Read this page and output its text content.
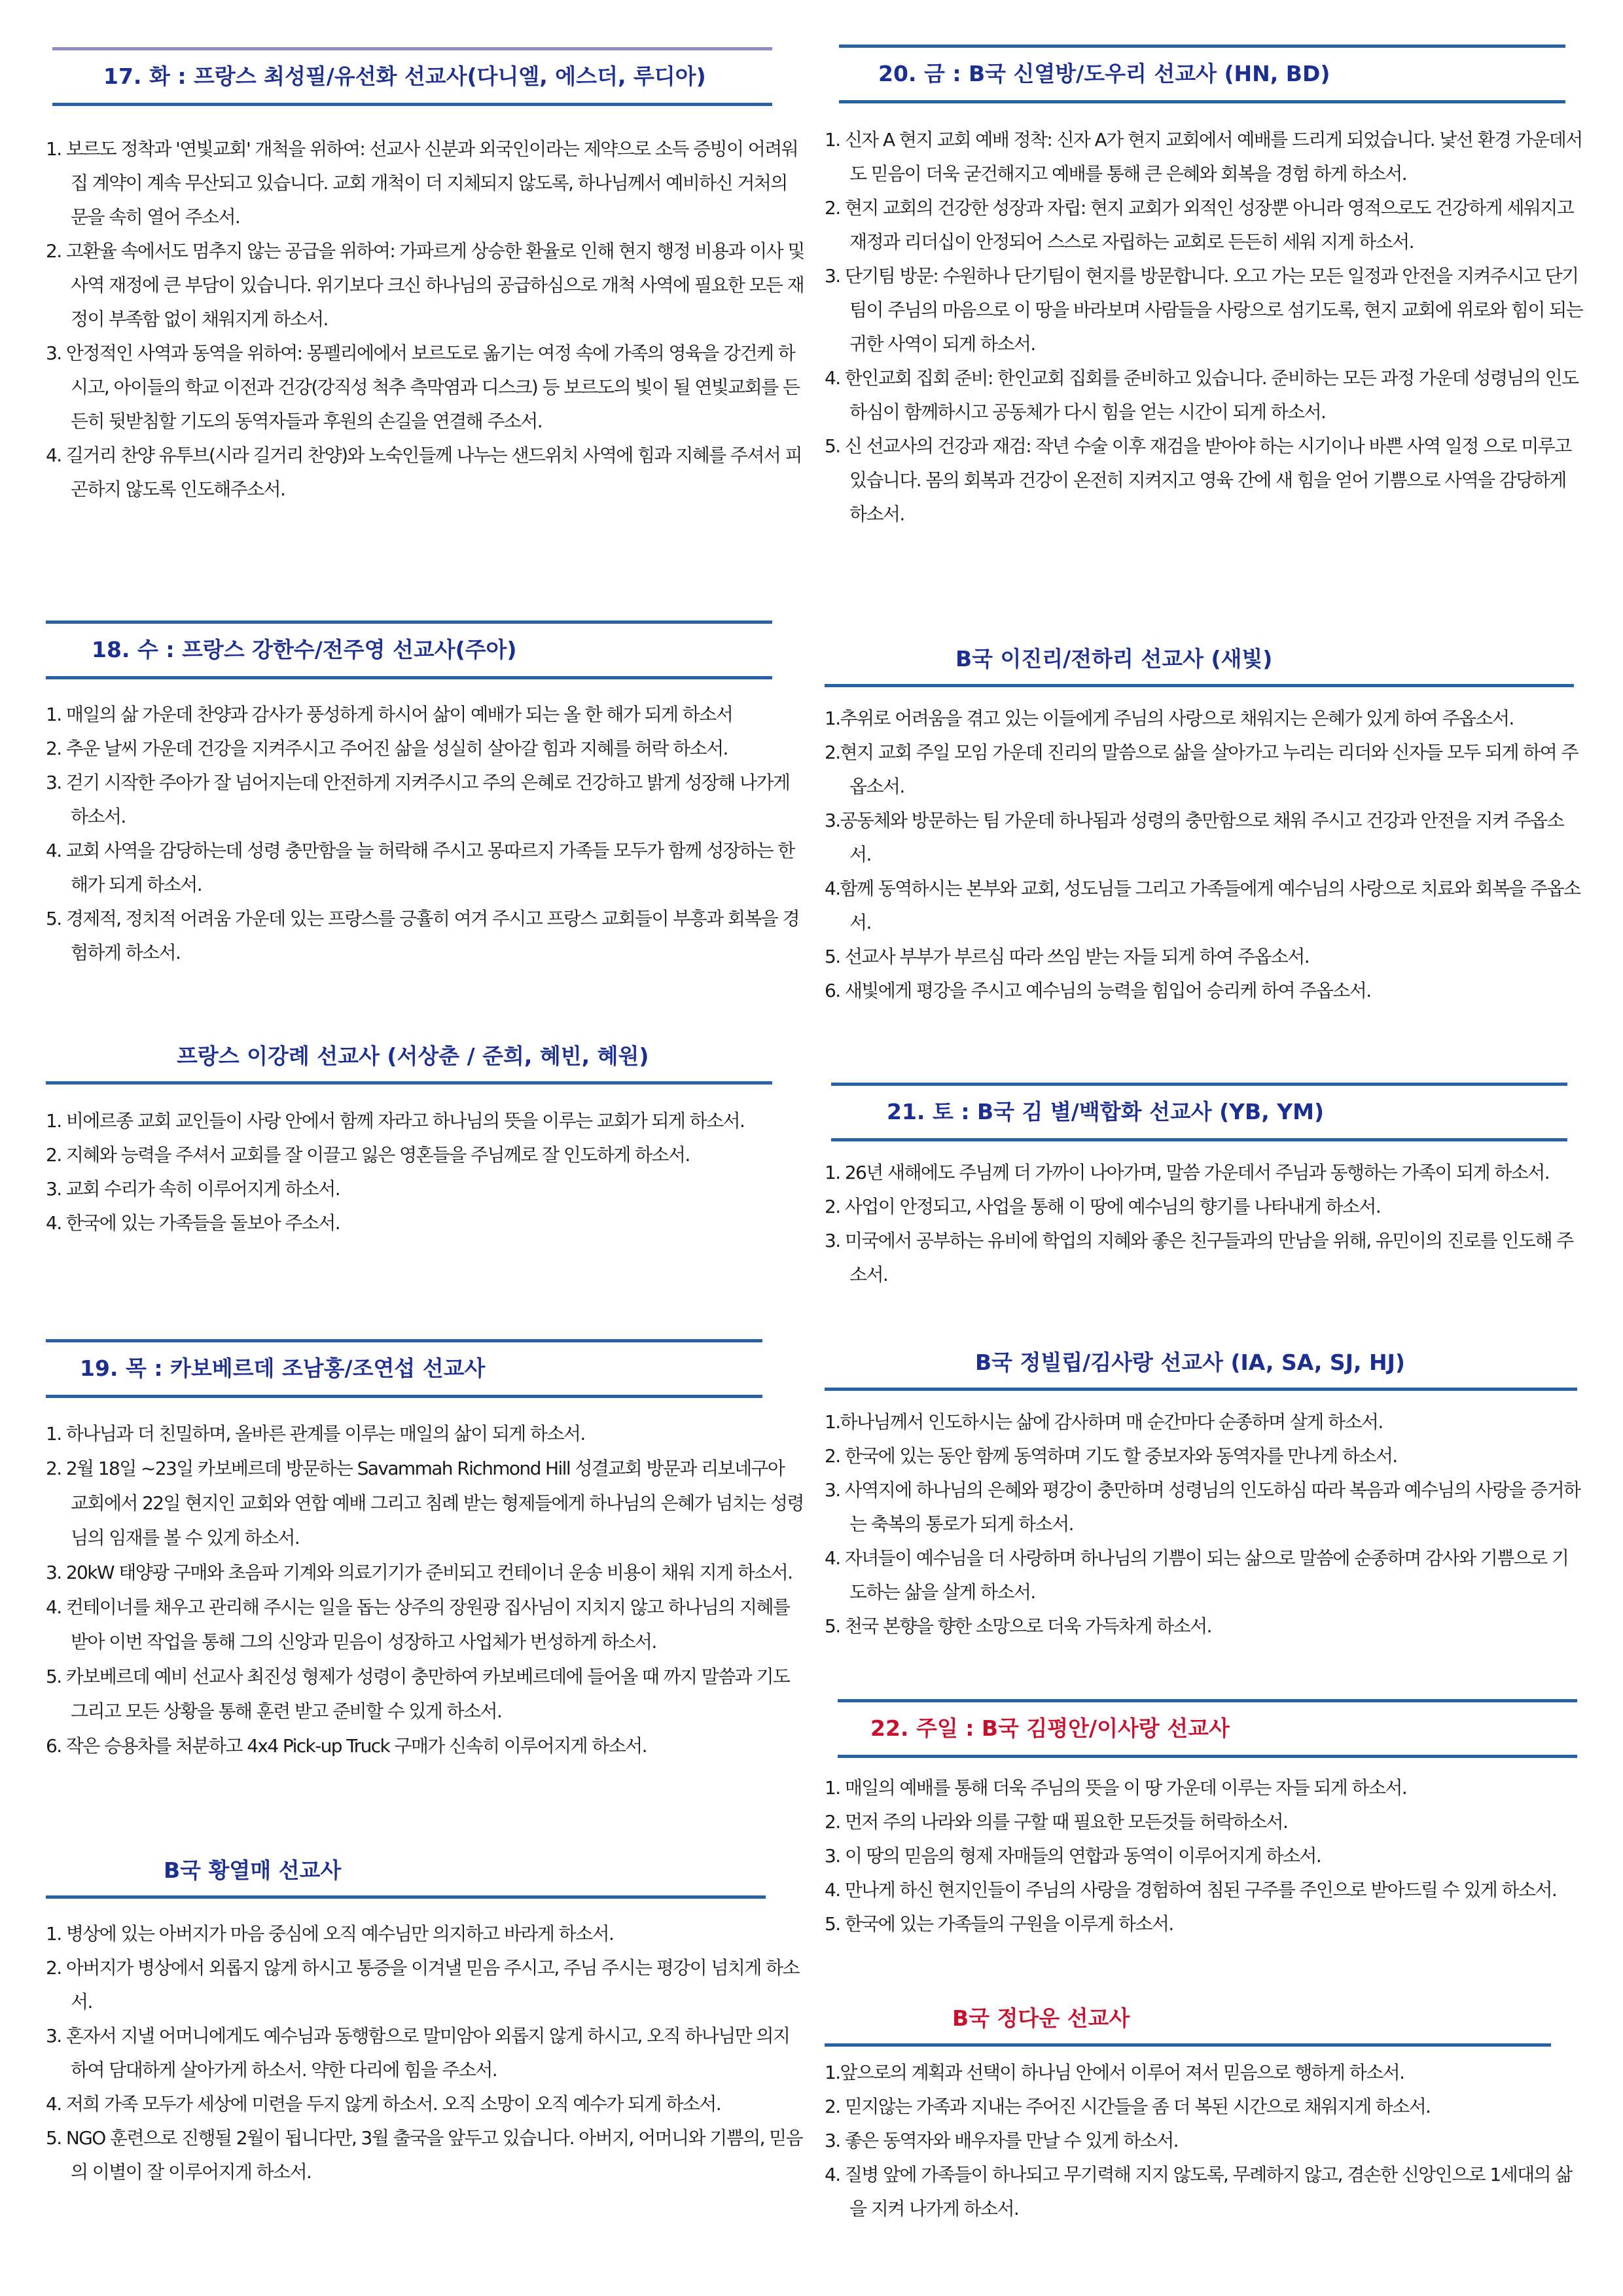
17. 화 : 프랑스 최성필/유선화 선교사(다니엘, 에스더, 루디아)
1. 보르도 정착과 '연빛교회' 개척을 위하여: 선교사 신분과 외국인이라는 제약으로 소득 증빙이 어려워 집 계약이 계속 무산되고 있습니다. 교회 개척이 더 지체되지 않도록, 하나님께서 예비하신 거처의 문을 속히 열어 주소서.
2. 고환율 속에서도 멈추지 않는 공급을 위하여: 가파르게 상승한 환율로 인해 현지 행정 비용과 이사 및 사역 재정에 큰 부담이 있습니다. 위기보다 크신 하나님의 공급하심으로 개척 사역에 필요한 모든 재정이 부족함 없이 채워지게 하소서.
3. 안정적인 사역과 동역을 위하여: 몽펠리에에서 보르도로 옮기는 여정 속에 가족의 영육을 강건케 하시고, 아이들의 학교 이전과 건강(강직성 척추 측막염과 디스크) 등 보르도의 빛이 될 연빛교회를 든든히 뒷받침할 기도의 동역자들과 후원의 손길을 연결해 주소서.
4. 길거리 찬양 유투브(시라 길거리 찬양)와 노숙인들께 나누는 샌드위치 사역에 힘과 지혜를 주셔서 피곤하지 않도록 인도해주소서.
18. 수 : 프랑스 강한수/전주영 선교사(주아)
1. 매일의 삶 가운데 찬양과 감사가 풍성하게 하시어 삶이 예배가 되는 올 한 해가 되게 하소서
2. 추운 날씨 가운데 건강을 지켜주시고 주어진 삶을 성실히 살아갈 힘과 지혜를 허락 하소서.
3. 걷기 시작한 주아가 잘 넘어지는데 안전하게 지켜주시고 주의 은혜로 건강하고 밝게 성장해 나가게 하소서.
4. 교회 사역을 감당하는데 성령 충만함을 늘 허락해 주시고 몽따르지 가족들 모두가 함께 성장하는 한 해가 되게 하소서.
5. 경제적, 정치적 어려움 가운데 있는 프랑스를 긍휼히 여겨 주시고 프랑스 교회들이 부흥과 회복을 경험하게 하소서.
프랑스 이강례 선교사 (서상춘 / 준희, 혜빈, 혜원)
1. 비에르종 교회 교인들이 사랑 안에서 함께 자라고 하나님의 뜻을 이루는 교회가 되게 하소서.
2. 지혜와 능력을 주셔서 교회를 잘 이끌고 잃은 영혼들을 주님께로 잘 인도하게 하소서.
3. 교회 수리가 속히 이루어지게 하소서.
4. 한국에 있는 가족들을 돌보아 주소서.
19. 목 : 카보베르데 조남홍/조연섭 선교사
1. 하나님과 더 친밀하며, 올바른 관계를 이루는 매일의 삶이 되게 하소서.
2. 2월 18일 ~23일 카보베르데 방문하는 Savammah Richmond Hill 성결교회 방문과 리보네구아 교회에서 22일 현지인 교회와 연합 예배 그리고 침례 받는 형제들에게 하나님의 은혜가 넘치는 성령님의 임재를 볼 수 있게 하소서.
3. 20kW 태양광 구매와 초음파 기계와 의료기기가 준비되고 컨테이너 운송 비용이 채워 지게 하소서.
4. 컨테이너를 채우고 관리해 주시는 일을 돕는 상주의 장원광 집사님이 지치지 않고 하나님의 지혜를 받아 이번 작업을 통해 그의 신앙과 믿음이 성장하고 사업체가 번성하게 하소서.
5. 카보베르데 예비 선교사 최진성 형제가 성령이 충만하여 카보베르데에 들어올 때 까지 말씀과 기도 그리고 모든 상황을 통해 훈련 받고 준비할 수 있게 하소서.
6. 작은 승용차를 처분하고 4x4 Pick-up Truck 구매가 신속히 이루어지게 하소서.
B국 황열매 선교사
1. 병상에 있는 아버지가 마음 중심에 오직 예수님만 의지하고 바라게 하소서.
2. 아버지가 병상에서 외롭지 않게 하시고 통증을 이겨낼 믿음 주시고, 주님 주시는 평강이 넘치게 하소서.
3. 혼자서 지낼 어머니에게도 예수님과 동행함으로 말미암아 외롭지 않게 하시고, 오직 하나님만 의지하여 담대하게 살아가게 하소서. 약한 다리에 힘을 주소서.
4. 저희 가족 모두가 세상에 미련을 두지 않게 하소서. 오직 소망이 오직 예수가 되게 하소서.
5. NGO 훈련으로 진행될 2월이 됩니다만, 3월 출국을 앞두고 있습니다. 아버지, 어머니와 기쁨의, 믿음의 이별이 잘 이루어지게 하소서.
20. 금 : B국 신열방/도우리 선교사 (HN, BD)
1. 신자 A 현지 교회 예배 정착: 신자 A가 현지 교회에서 예배를 드리게 되었습니다. 낯선 환경 가운데서도 믿음이 더욱 굳건해지고 예배를 통해 큰 은혜와 회복을 경험 하게 하소서.
2. 현지 교회의 건강한 성장과 자립: 현지 교회가 외적인 성장뿐 아니라 영적으로도 건강하게 세워지고 재정과 리더십이 안정되어 스스로 자립하는 교회로 든든히 세워 지게 하소서.
3. 단기팀 방문: 수원하나 단기팀이 현지를 방문합니다. 오고 가는 모든 일정과 안전을 지켜주시고 단기팀이 주님의 마음으로 이 땅을 바라보며 사람들을 사랑으로 섬기도록, 현지 교회에 위로와 힘이 되는 귀한 사역이 되게 하소서.
4. 한인교회 집회 준비: 한인교회 집회를 준비하고 있습니다. 준비하는 모든 과정 가운데 성령님의 인도하심이 함께하시고 공동체가 다시 힘을 얻는 시간이 되게 하소서.
5. 신 선교사의 건강과 재검: 작년 수술 이후 재검을 받아야 하는 시기이나 바쁜 사역 일정 으로 미루고 있습니다. 몸의 회복과 건강이 온전히 지켜지고 영육 간에 새 힘을 얻어 기쁨으로 사역을 감당하게 하소서.
B국 이진리/전하리 선교사 (새빛)
1.추위로 어려움을 겪고 있는 이들에게 주님의 사랑으로 채워지는 은혜가 있게 하여 주옵소서.
2.현지 교회 주일 모임 가운데 진리의 말씀으로 삶을 살아가고 누리는 리더와 신자들 모두 되게 하여 주옵소서.
3.공동체와 방문하는 팀 가운데 하나됨과 성령의 충만함으로 채워 주시고 건강과 안전을 지켜 주옵소서.
4.함께 동역하시는 본부와 교회, 성도님들 그리고 가족들에게 예수님의 사랑으로 치료와 회복을 주옵소서.
5. 선교사 부부가 부르심 따라 쓰임 받는 자들 되게 하여 주옵소서.
6. 새빛에게 평강을 주시고 예수님의 능력을 힘입어 승리케 하여 주옵소서.
21. 토 : B국 김 별/백합화 선교사 (YB, YM)
1. 26년 새해에도 주님께 더 가까이 나아가며, 말씀 가운데서 주님과 동행하는 가족이 되게 하소서.
2. 사업이 안정되고, 사업을 통해 이 땅에 예수님의 향기를 나타내게 하소서.
3. 미국에서 공부하는 유비에 학업의 지혜와 좋은 친구들과의 만남을 위해, 유민이의 진로를 인도해 주소서.
B국 정빌립/김사랑 선교사 (IA, SA, SJ, HJ)
1.하나님께서 인도하시는 삶에 감사하며 매 순간마다 순종하며 살게 하소서.
2. 한국에 있는 동안 함께 동역하며 기도 할 중보자와 동역자를 만나게 하소서.
3. 사역지에 하나님의 은혜와 평강이 충만하며 성령님의 인도하심 따라 복음과 예수님의 사랑을 증거하는 축복의 통로가 되게 하소서.
4. 자녀들이 예수님을 더 사랑하며 하나님의 기쁨이 되는 삶으로 말씀에 순종하며 감사와 기쁨으로 기도하는 삶을 살게 하소서.
5. 천국 본향을 향한 소망으로 더욱 가득차게 하소서.
22. 주일 : B국 김평안/이사랑 선교사
1. 매일의 예배를 통해 더욱 주님의 뜻을 이 땅 가운데 이루는 자들 되게 하소서.
2. 먼저 주의 나라와 의를 구할 때 필요한 모든것들 허락하소서.
3. 이 땅의 믿음의 형제 자매들의 연합과 동역이 이루어지게 하소서.
4. 만나게 하신 현지인들이 주님의 사랑을 경험하여 침된 구주를 주인으로 받아드릴 수 있게 하소서.
5. 한국에 있는 가족들의 구원을 이루게 하소서.
B국 정다운 선교사
1.앞으로의 계획과 선택이 하나님 안에서 이루어 져서 믿음으로 행하게 하소서.
2. 믿지않는 가족과 지내는 주어진 시간들을 좀 더 복된 시간으로 채워지게 하소서.
3. 좋은 동역자와 배우자를 만날 수 있게 하소서.
4. 질병 앞에 가족들이 하나되고 무기력해 지지 않도록, 무례하지 않고, 겸손한 신앙인으로 1세대의 삶을 지켜 나가게 하소서.
